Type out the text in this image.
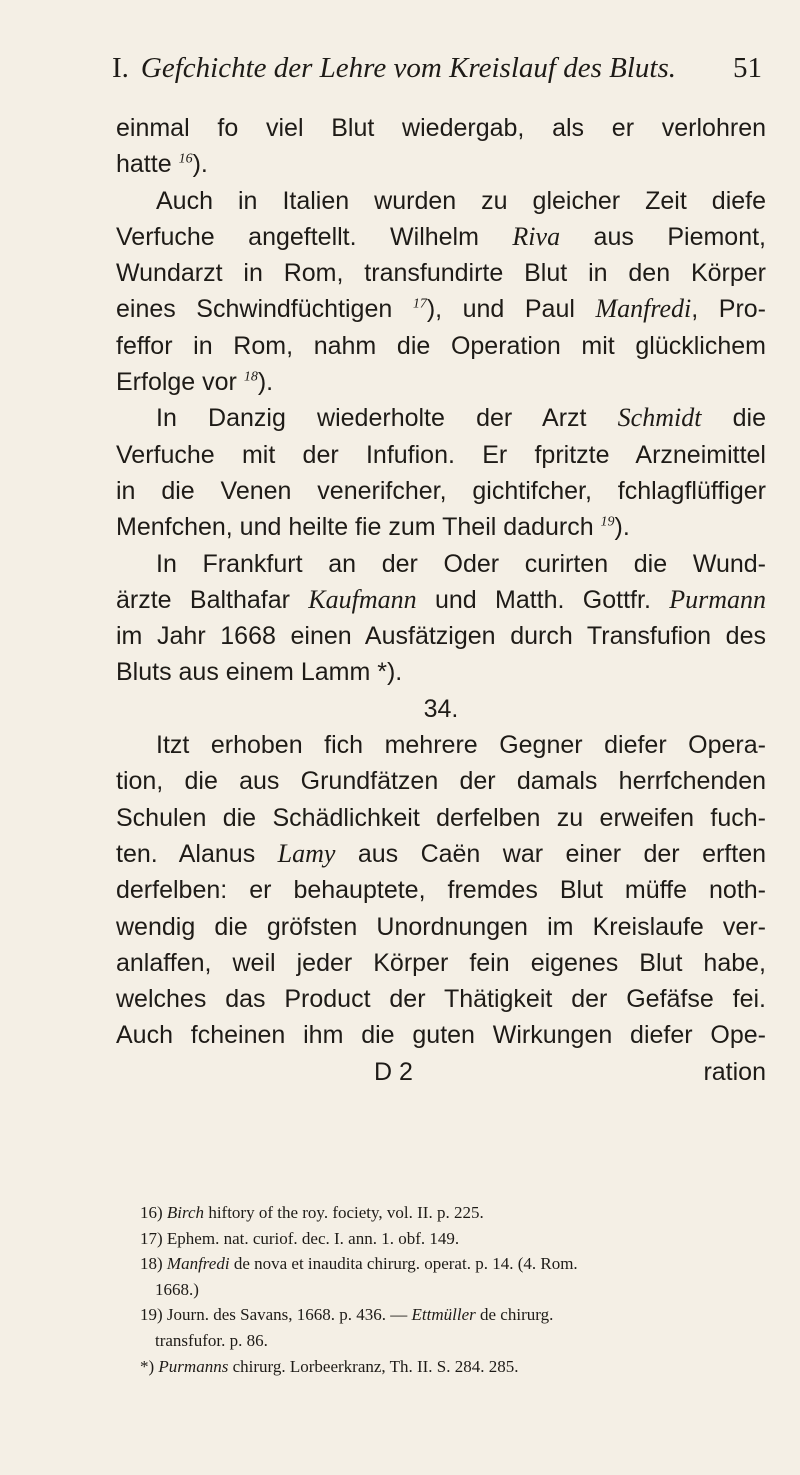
I. Gefchichte der Lehre vom Kreislauf des Bluts. 51
einmal fo viel Blut wiedergab, als er verlohren
hatte $^{16}$).
Auch in Italien wurden zu gleicher Zeit diefe
Verfuche angeftellt. Wilhelm Riva aus Piemont,
Wundarzt in Rom, transfundirte Blut in den Körper
eines Schwindfüchtigen $^{17}$), und Paul Manfredi, Pro-
feffor in Rom, nahm die Operation mit glücklichem
Erfolge vor $^{18}$).
In Danzig wiederholte der Arzt Schmidt die
Verfuche mit der Infufion. Er fpritzte Arzneimittel
in die Venen venerifcher, gichtifcher, fchlagflüffiger
Menfchen, und heilte fie zum Theil dadurch $^{19}$).
In Frankfurt an der Oder curirten die Wund-
ärzte Balthafar Kaufmann und Matth. Gottfr. Purmann
im Jahr 1668 einen Ausfätzigen durch Transfufion des
Bluts aus einem Lamm *).
34.
Itzt erhoben fich mehrere Gegner diefer Opera-
tion, die aus Grundfätzen der damals herrfchenden
Schulen die Schädlichkeit derfelben zu erweifen fuch-
ten. Alanus Lamy aus Caën war einer der erften
derfelben: er behauptete, fremdes Blut müffe noth-
wendig die gröfsten Unordnungen im Kreislaufe ver-
anlaffen, weil jeder Körper fein eigenes Blut habe,
welches das Product der Thätigkeit der Gefäfse fei.
Auch fcheinen ihm die guten Wirkungen diefer Ope-
D 2	ration
16) Birch hiftory of the roy. fociety, vol. II. p. 225.
17) Ephem. nat. curiof. dec. I. ann. 1. obf. 149.
18) Manfredi de nova et inaudita chirurg. operat. p. 14. (4. Rom.
1668.)
19) Journ. des Savans, 1668. p. 436. — Ettmüller de chirurg.
transfufor. p. 86.
*) Purmanns chirurg. Lorbeerkranz, Th. II. S. 284. 285.
